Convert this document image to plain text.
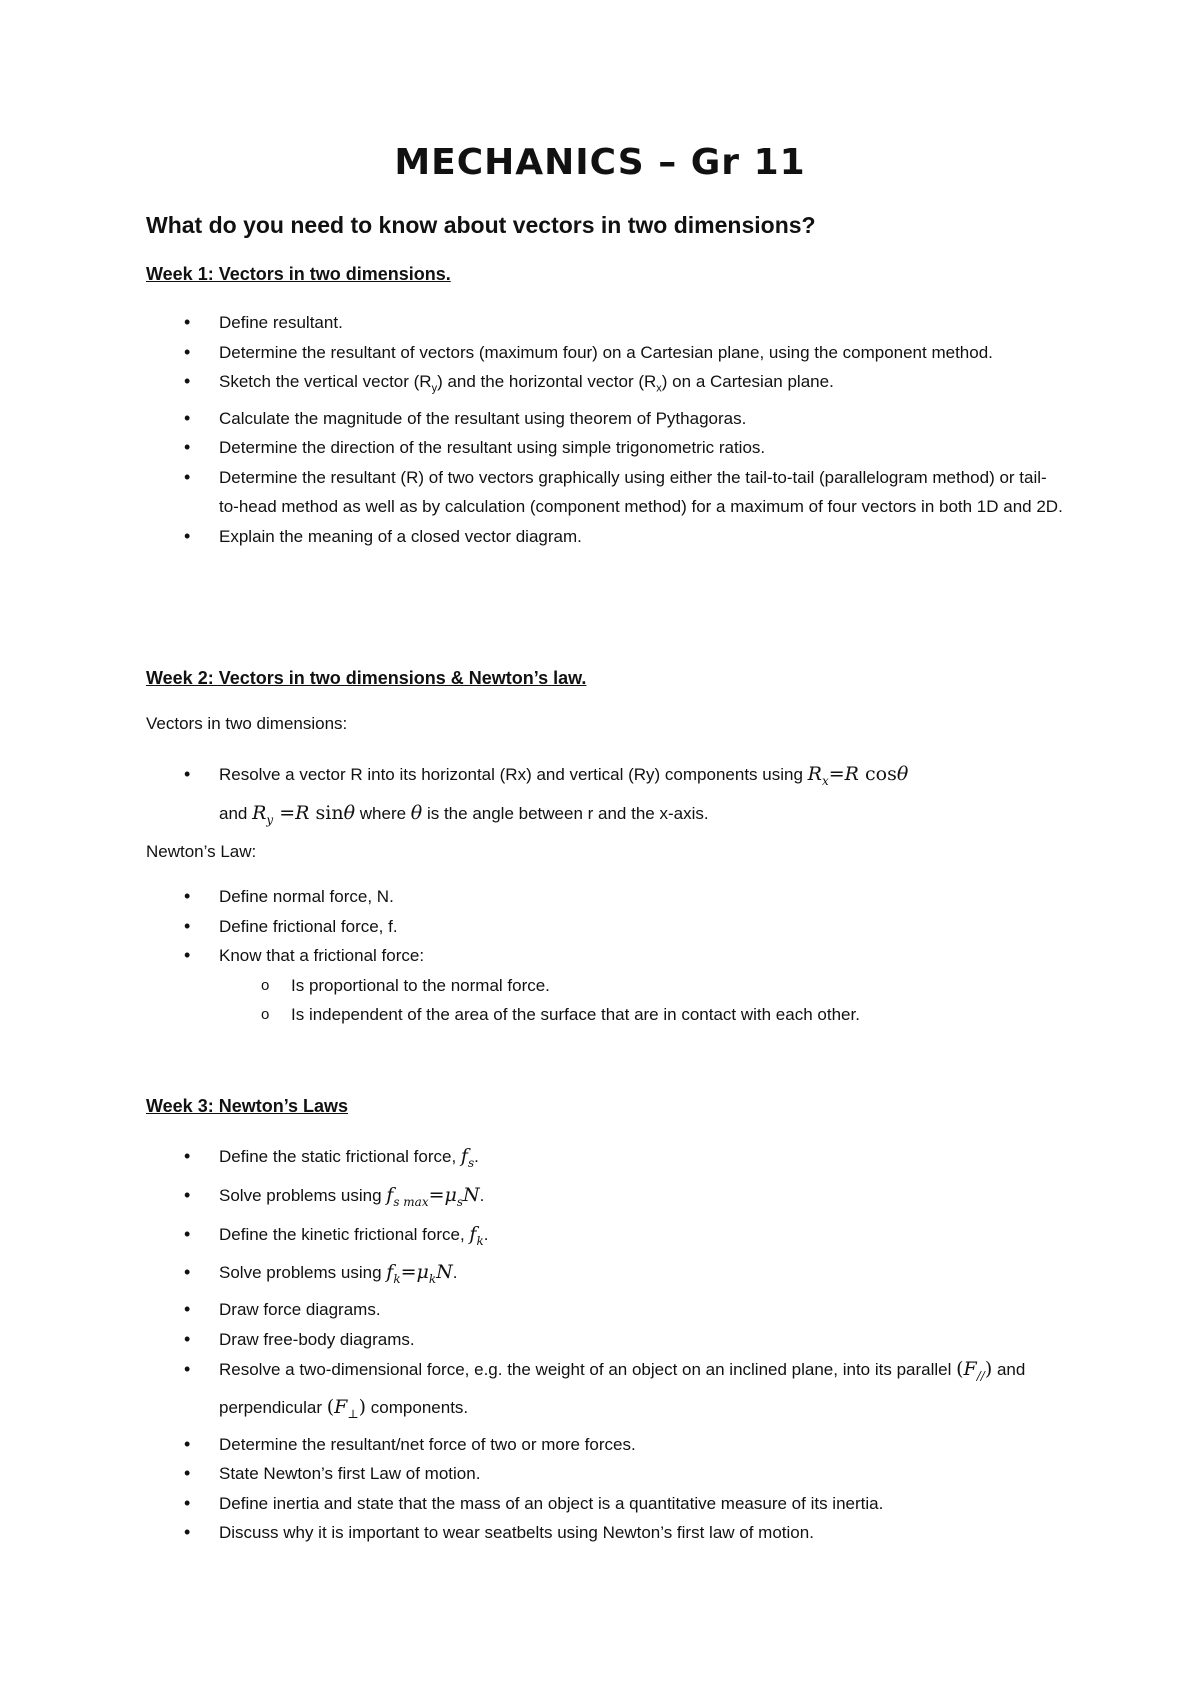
MECHANICS – Gr 11
What do you need to know about vectors in two dimensions?
Week 1: Vectors in two dimensions.
• Define resultant.
• Determine the resultant of vectors (maximum four) on a Cartesian plane, using the component method.
• Sketch the vertical vector $(R_y)$ and the horizontal vector $(R_x)$ on a Cartesian plane.
• Calculate the magnitude of the resultant using theorem of Pythagoras.
• Determine the direction of the resultant using simple trigonometric ratios.
• Determine the resultant (R) of two vectors graphically using either the tail-to-tail (parallelogram method) or tail-to-head method as well as by calculation (component method) for a maximum of four vectors in both 1D and 2D.
• Explain the meaning of a closed vector diagram.
Week 2: Vectors in two dimensions & Newton’s law.
Vectors in two dimensions:
• Resolve a vector R into its horizontal (Rx) and vertical (Ry) components using $R_x=R$ cosθ
and $R_y =R$ sinθ where θ is the angle between r and the x-axis.
Newton’s Law:
• Define normal force, N.
• Define frictional force, f.
• Know that a frictional force:
o Is proportional to the normal force.
o Is independent of the area of the surface that are in contact with each other.
Week 3: Newton’s Laws
• Define the static frictional force, $f_s$.
• Solve problems using $f_{s max}=\mu_sN$.
• Define the kinetic frictional force, $f_k$.
• Solve problems using $f_k=\mu_kN$.
• Draw force diagrams.
• Draw free-body diagrams.
• Resolve a two-dimensional force, e.g. the weight of an object on an inclined plane, into its parallel $(F_{//})$ and perpendicular $(F_\perp)$ components.
• Determine the resultant/net force of two or more forces.
• State Newton’s first Law of motion.
• Define inertia and state that the mass of an object is a quantitative measure of its inertia.
• Discuss why it is important to wear seatbelts using Newton’s first law of motion.
